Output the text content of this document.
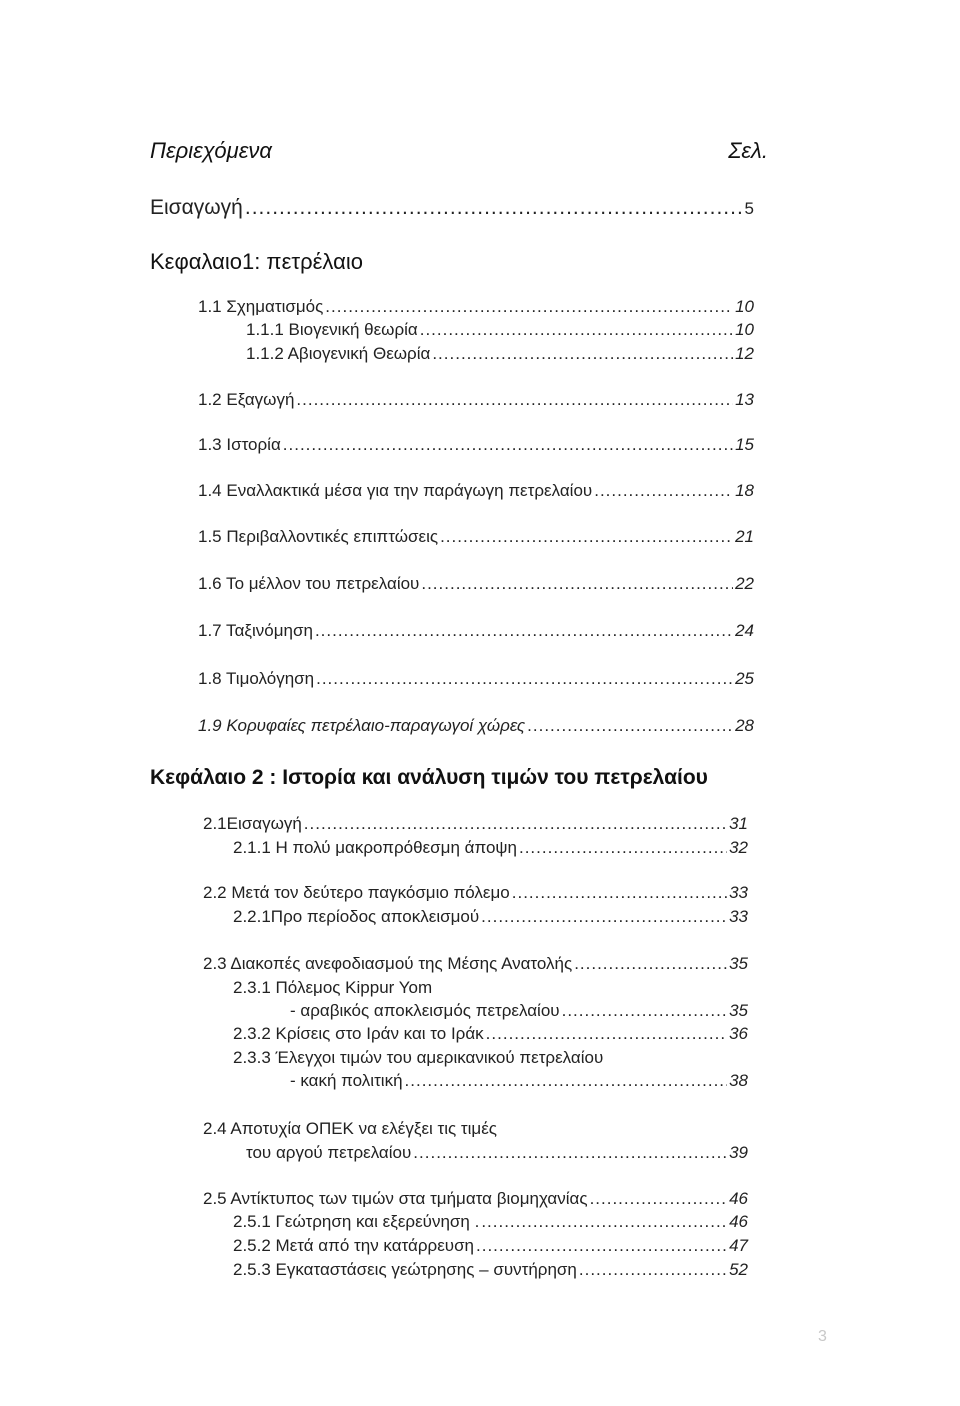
Περιεχόμενα	Σελ.
Εισαγωγή .....	5
Κεφαλαιο1: πετρέλαιο
1.1 Σχηματισμός .....	10
1.1.1 Βιογενική θεωρία .....	10
1.1.2 Αβιογενική Θεωρία .....	12
1.2 Εξαγωγή .....	13
1.3 Ιστορία .....	15
1.4 Εναλλακτικά μέσα για την παράγωγη πετρελαίου .....	18
1.5 Περιβαλλοντικές επιπτώσεις .....	21
1.6 Το μέλλον του πετρελαίου .....	22
1.7 Ταξινόμηση .....	24
1.8 Τιμολόγηση .....	25
1.9 Κορυφαίες πετρέλαιο-παραγωγοί χώρες .....	28
Κεφάλαιο 2 : Ιστορία και ανάλυση τιμών του πετρελαίου
2.1Εισαγωγή .....	31
2.1.1 Η πολύ μακροπρόθεσμη άποψη .....	32
2.2 Μετά τον δεύτερο παγκόσμιο πόλεμο .....	33
2.2.1Προ περίοδος αποκλεισμού .....	33
2.3 Διακοπές ανεφοδιασμού της Μέσης Ανατολής .....	35
2.3.1 Πόλεμος Kippur Yom
- αραβικός αποκλεισμός πετρελαίου .....	35
2.3.2 Κρίσεις στο Ιράν και το Ιράκ .....	36
2.3.3 Έλεγχοι τιμών του αμερικανικού πετρελαίου
- κακή πολιτική .....	38
2.4 Αποτυχία ΟΠΕΚ να ελέγξει τις τιμές
του αργού πετρελαίου .....	39
2.5 Αντίκτυπος των τιμών στα τμήματα βιομηχανίας .....	46
2.5.1 Γεώτρηση και εξερεύνηση . .....	46
2.5.2 Μετά από την κατάρρευση .....	47
2.5.3 Εγκαταστάσεις γεώτρησης – συντήρηση .....	52
3
